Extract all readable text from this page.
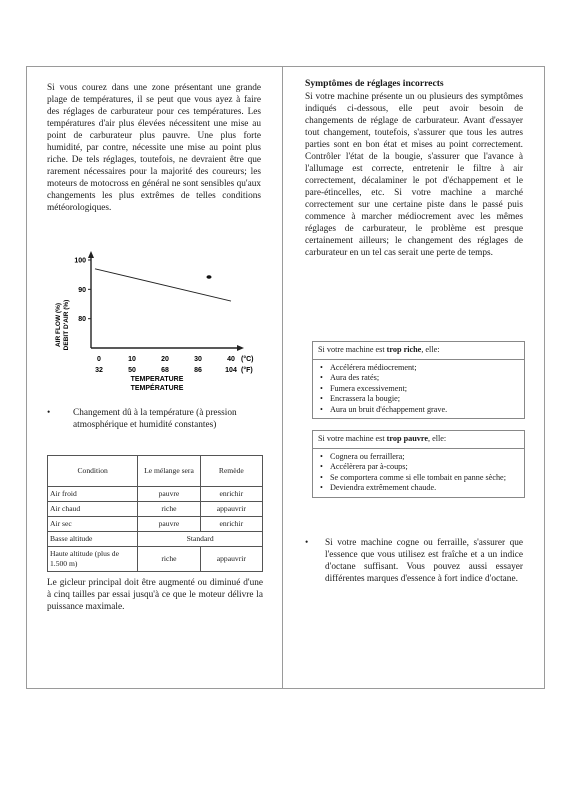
Si vous courez dans une zone présentant une grande plage de températures, il se peut que vous ayez à faire des réglages de carburateur pour ces températures. Les températures d'air plus élevées nécessitent une mise au point de carburateur plus pauvre. Une plus forte humidité, par contre, nécessite une mise au point plus riche. De tels réglages, toutefois, ne devraient être que rarement nécessaires pour la majorité des coureurs; les moteurs de motocross en général ne sont sensibles qu'aux changements les plus extrêmes de telles conditions météorologiques.

AIR FLOW (%) DEBIT D'AIR (%)
100
90
80
0
32
10
50
20
68
30
86
40
104
(°C)
(°F)
TEMPERATURE
TEMPÉRATURE
• Changement dû à la température (à pression atmosphérique et humidité constantes)
Condition	Le mélange sera	Remède
Air froid	pauvre	enrichir
Air chaud	riche	appauvrir
Air sec	pauvre	enrichir
Basse altitude	Standard	
Haute altitude (plus de 1.500 m)	riche	appauvrir

Le gicleur principal doit être augmenté ou diminué d'une à cinq tailles par essai jusqu'à ce que le moteur délivre la puissance maximale.

Symptômes de réglages incorrects

Si votre machine présente un ou plusieurs des symptômes indiqués ci-dessous, elle peut avoir besoin de changements de réglage de carburateur. Avant d'essayer tout changement, toutefois, s'assurer que tous les autres parties sont en bon état et mises au point correctement. Contrôler l'état de la bougie, s'assurer que l'avance à l'allumage est correcte, entretenir le filtre à air correctement, décalaminer le pot d'échappement et le pare-étincelles, etc. Si votre machine a marché correctement sur une certaine piste dans le passé puis commence à marcher médiocrement avec les mêmes réglages de carburateur, le problème est presque certainement ailleurs; le changement des réglages de carburateur en un tel cas serait une perte de temps.

Si votre machine est trop riche, elle:
• Accélérera médiocrement;
• Aura des ratés;
• Fumera excessivement;
• Encrassera la bougie;
• Aura un bruit d'échappement grave.
Si votre machine est trop pauvre, elle:
• Cognera ou ferraillera;
• Accélèrera par à-coups;
• Se comportera comme si elle tombait en panne sèche;
• Deviendra extrêmement chaude.
• Si votre machine cogne ou ferraille, s'assurer que l'essence que vous utilisez est fraîche et a un indice d'octane suffisant. Vous pouvez aussi essayer différentes marques d'essence à fort indice d'octane.
